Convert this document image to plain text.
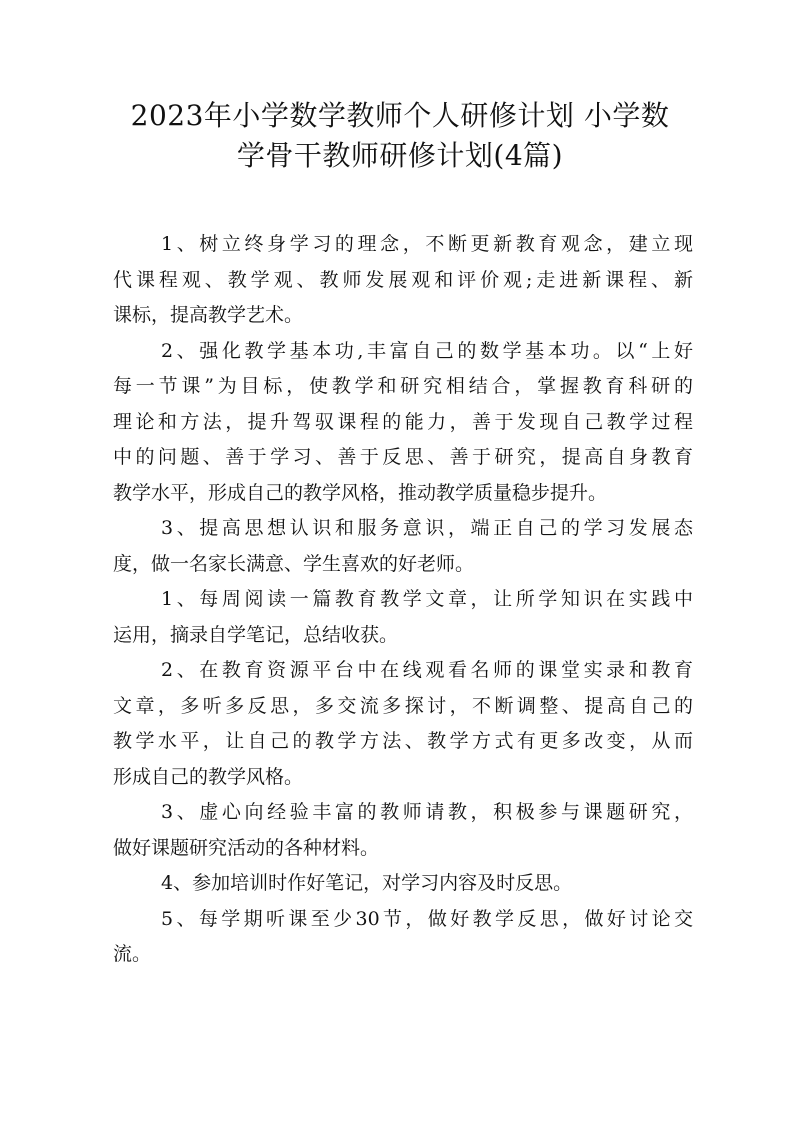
2023年小学数学教师个人研修计划 小学数
学骨干教师研修计划(4篇)

1、树立终身学习的理念，不断更新教育观念，建立现
代课程观、教学观、教师发展观和评价观;走进新课程、新
课标，提高教学艺术。

2、强化教学基本功,丰富自己的数学基本功。以“上好
每一节课”为目标，使教学和研究相结合，掌握教育科研的
理论和方法，提升驾驭课程的能力，善于发现自己教学过程
中的问题、善于学习、善于反思、善于研究，提高自身教育
教学水平，形成自己的教学风格，推动教学质量稳步提升。

3、提高思想认识和服务意识，端正自己的学习发展态
度，做一名家长满意、学生喜欢的好老师。

1、每周阅读一篇教育教学文章，让所学知识在实践中
运用，摘录自学笔记，总结收获。

2、在教育资源平台中在线观看名师的课堂实录和教育
文章，多听多反思，多交流多探讨，不断调整、提高自己的
教学水平，让自己的教学方法、教学方式有更多改变，从而
形成自己的教学风格。

3、虚心向经验丰富的教师请教，积极参与课题研究，
做好课题研究活动的各种材料。

4、参加培训时作好笔记，对学习内容及时反思。

5、每学期听课至少30节，做好教学反思，做好讨论交
流。
